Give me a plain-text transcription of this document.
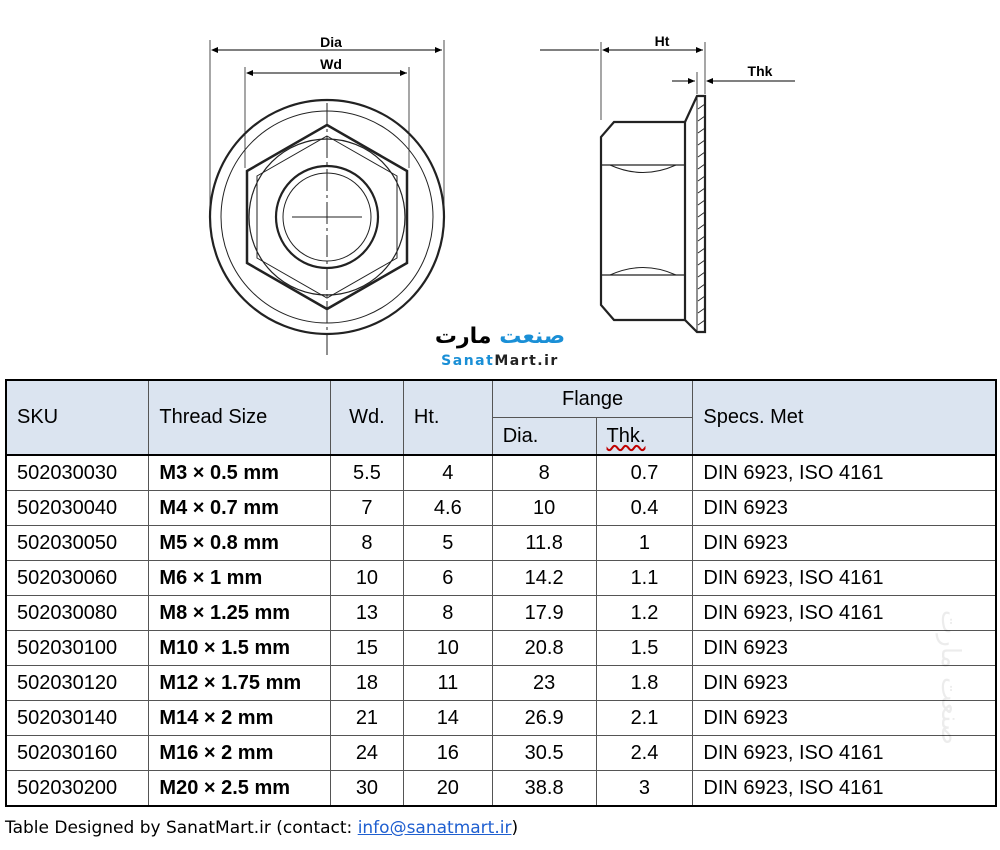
Dia
Wd
Ht
Thk
صنعت مارت
SanatMart.ir
SKU	Thread Size	Wd.	Ht.	Flange		Specs. Met
				Dia.	Thk.	
502030030	M3 × 0.5 mm	5.5	4	8	0.7	DIN 6923, ISO 4161
502030040	M4 × 0.7 mm	7	4.6	10	0.4	DIN 6923
502030050	M5 × 0.8 mm	8	5	11.8	1	DIN 6923
502030060	M6 × 1 mm	10	6	14.2	1.1	DIN 6923, ISO 4161
502030080	M8 × 1.25 mm	13	8	17.9	1.2	DIN 6923, ISO 4161
502030100	M10 × 1.5 mm	15	10	20.8	1.5	DIN 6923
502030120	M12 × 1.75 mm	18	11	23	1.8	DIN 6923
502030140	M14 × 2 mm	21	14	26.9	2.1	DIN 6923
502030160	M16 × 2 mm	24	16	30.5	2.4	DIN 6923, ISO 4161
502030200	M20 × 2.5 mm	30	20	38.8	3	DIN 6923, ISO 4161
صنعت مارت
Table Designed by SanatMart.ir (contact: info@sanatmart.ir)
